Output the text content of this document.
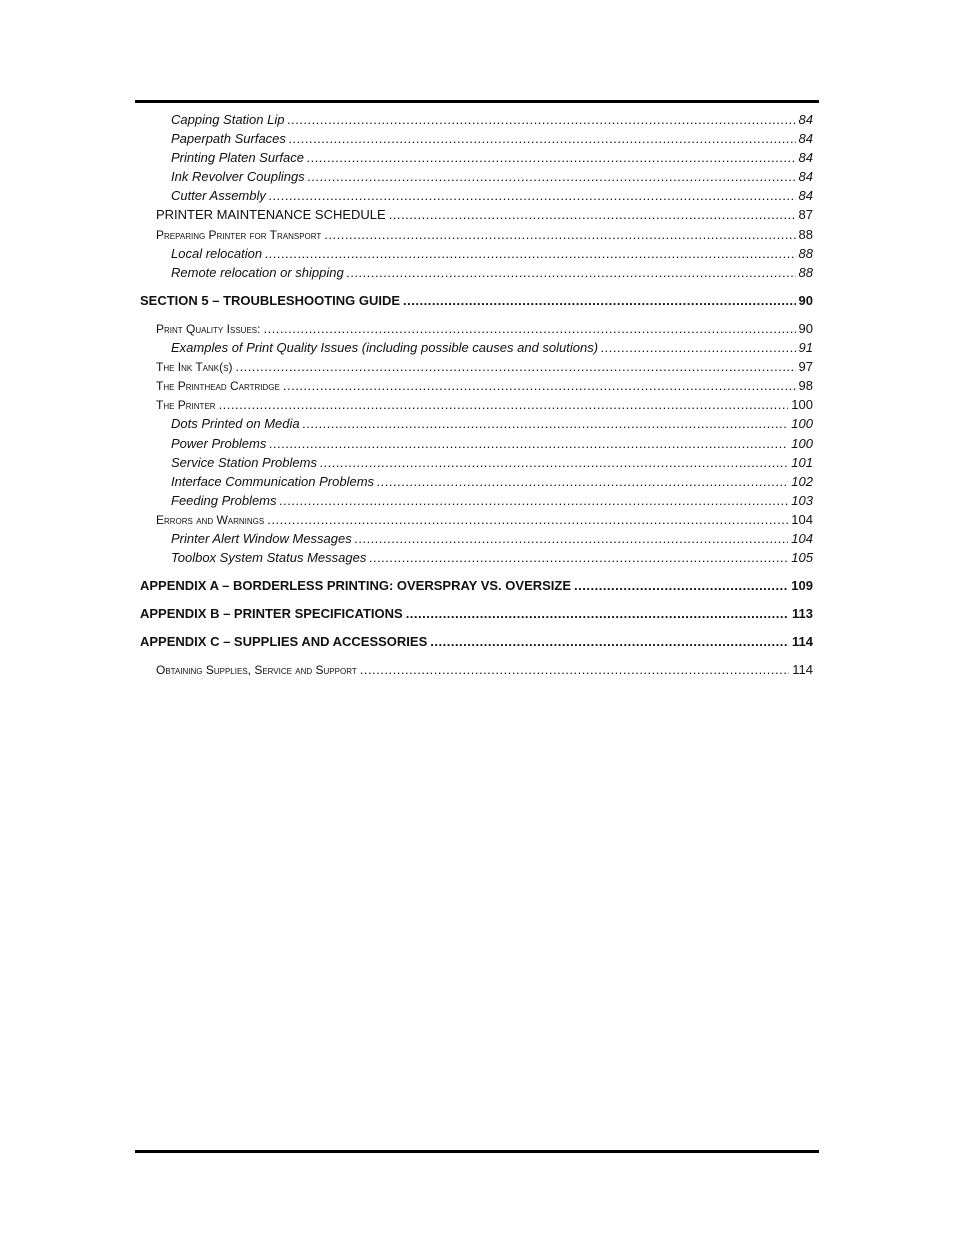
Capping Station Lip .....	84
Paperpath Surfaces .....	84
Printing Platen Surface .....	84
Ink Revolver Couplings .....	84
Cutter Assembly .....	84
PRINTER MAINTENANCE SCHEDULE .....	87
Preparing Printer for Transport .....	88
Local relocation .....	88
Remote relocation or shipping .....	88
SECTION 5 – TROUBLESHOOTING GUIDE .....	90
Print Quality Issues: .....	90
Examples of Print Quality Issues (including possible causes and solutions) .....	91
The Ink Tank(s) .....	97
The Printhead Cartridge .....	98
The Printer .....	100
Dots Printed on Media .....	100
Power Problems .....	100
Service Station Problems .....	101
Interface Communication Problems .....	102
Feeding Problems .....	103
Errors and Warnings .....	104
Printer Alert Window Messages .....	104
Toolbox System Status Messages .....	105
APPENDIX A – BORDERLESS PRINTING: OVERSPRAY VS. OVERSIZE .....	109
APPENDIX B – PRINTER SPECIFICATIONS .....	113
APPENDIX C – SUPPLIES AND ACCESSORIES .....	114
Obtaining Supplies, Service and Support .....	114
